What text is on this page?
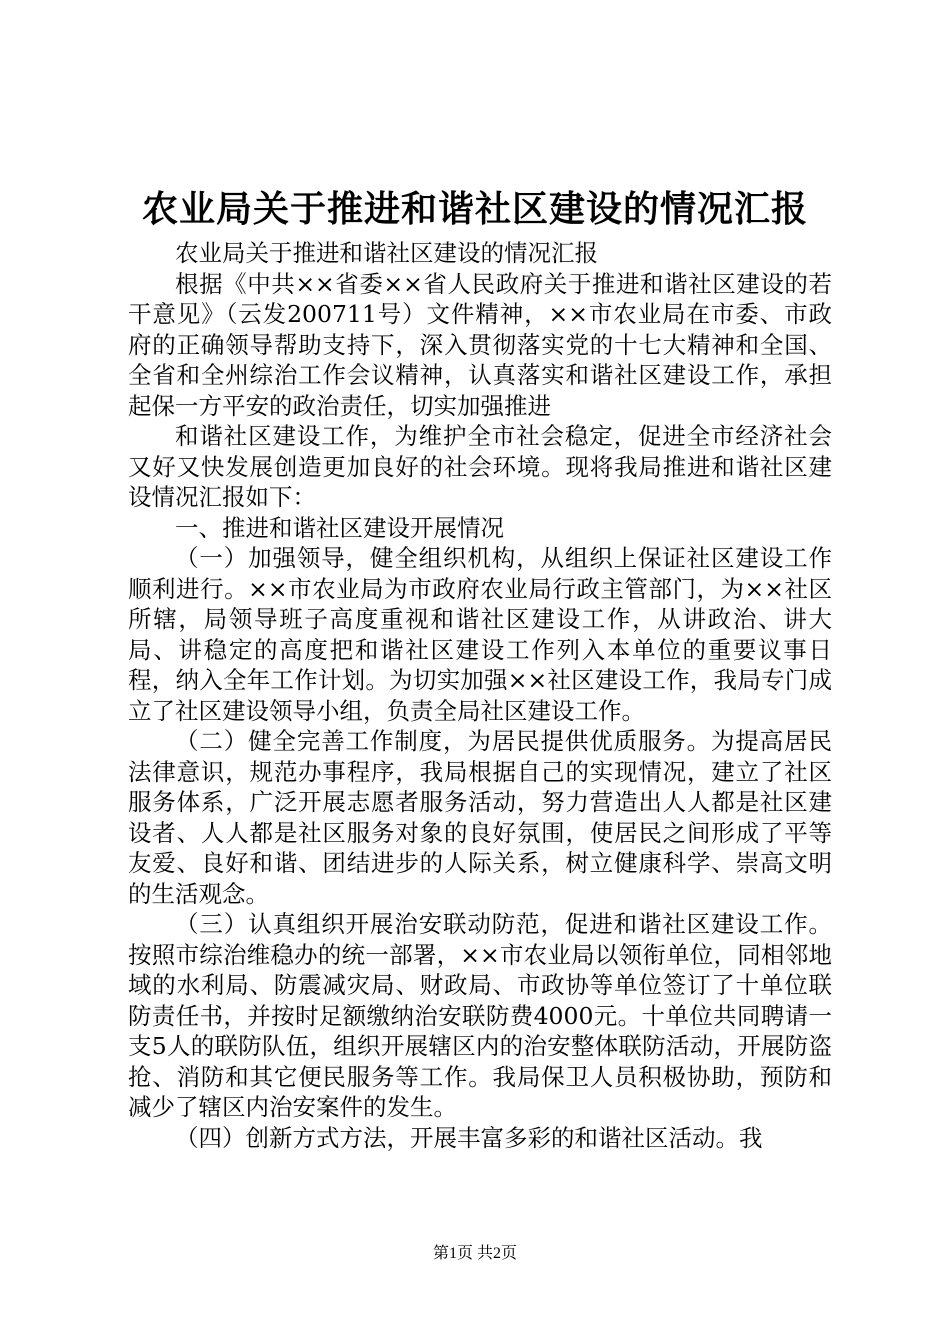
农业局关于推进和谐社区建设的情况汇报

农业局关于推进和谐社区建设的情况汇报

根据《中共××省委××省人民政府关于推进和谐社区建设的若干意见》（云发200711号）文件精神，××市农业局在市委、市政府的正确领导帮助支持下，深入贯彻落实党的十七大精神和全国、全省和全州综治工作会议精神，认真落实和谐社区建设工作，承担起保一方平安的政治责任，切实加强推进

和谐社区建设工作，为维护全市社会稳定，促进全市经济社会又好又快发展创造更加良好的社会环境。现将我局推进和谐社区建设情况汇报如下：

一、推进和谐社区建设开展情况

（一）加强领导，健全组织机构，从组织上保证社区建设工作顺利进行。××市农业局为市政府农业局行政主管部门，为××社区所辖，局领导班子高度重视和谐社区建设工作，从讲政治、讲大局、讲稳定的高度把和谐社区建设工作列入本单位的重要议事日程，纳入全年工作计划。为切实加强××社区建设工作，我局专门成立了社区建设领导小组，负责全局社区建设工作。

（二）健全完善工作制度，为居民提供优质服务。为提高居民法律意识，规范办事程序，我局根据自己的实现情况，建立了社区服务体系，广泛开展志愿者服务活动，努力营造出人人都是社区建设者、人人都是社区服务对象的良好氛围，使居民之间形成了平等友爱、良好和谐、团结进步的人际关系，树立健康科学、崇高文明的生活观念。

（三）认真组织开展治安联动防范，促进和谐社区建设工作。按照市综治维稳办的统一部署，××市农业局以领衔单位，同相邻地域的水利局、防震减灾局、财政局、市政协等单位签订了十单位联防责任书，并按时足额缴纳治安联防费4000元。十单位共同聘请一支5人的联防队伍，组织开展辖区内的治安整体联防活动，开展防盗抢、消防和其它便民服务等工作。我局保卫人员积极协助，预防和减少了辖区内治安案件的发生。

（四）创新方式方法，开展丰富多彩的和谐社区活动。我

第1页 共2页
